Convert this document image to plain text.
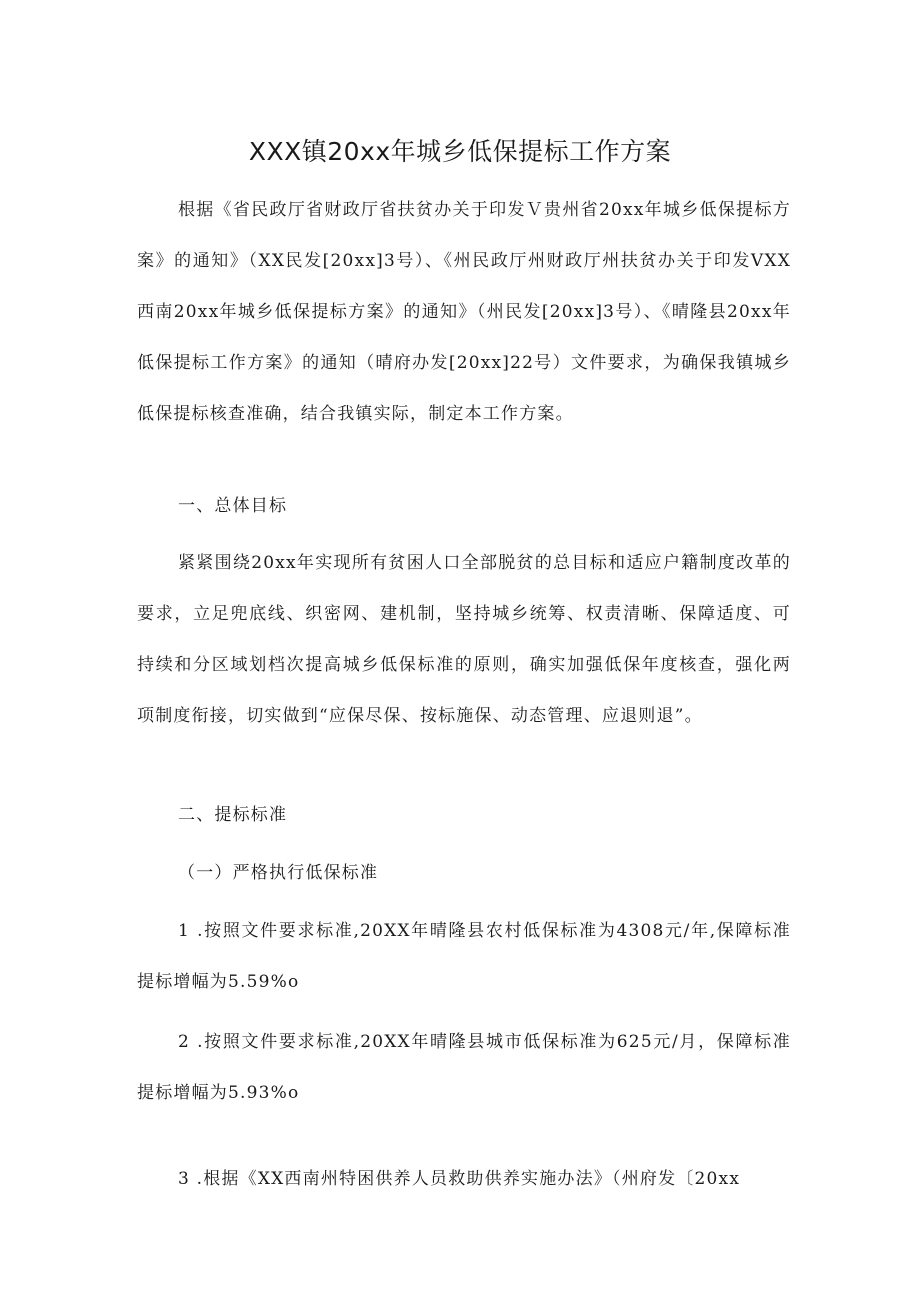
XXX镇20xx年城乡低保提标工作方案

根据《省民政厅省财政厅省扶贫办关于印发Ｖ贵州省20xx年城乡低保提标方案》的通知》（XX民发[20xx]3号）、《州民政厅州财政厅州扶贫办关于印发VXX西南20xx年城乡低保提标方案》的通知》（州民发[20xx]3号）、《晴隆县20xx年低保提标工作方案》的通知（晴府办发[20xx]22号）文件要求，为确保我镇城乡低保提标核查准确，结合我镇实际，制定本工作方案。

一、总体目标

紧紧围绕20xx年实现所有贫困人口全部脱贫的总目标和适应户籍制度改革的要求，立足兜底线、织密网、建机制，坚持城乡统筹、权责清晰、保障适度、可持续和分区域划档次提高城乡低保标准的原则，确实加强低保年度核查，强化两项制度衔接，切实做到“应保尽保、按标施保、动态管理、应退则退”。

二、提标标准

（一）严格执行低保标准

1 .按照文件要求标准,20XX年晴隆县农村低保标准为4308元/年,保障标准提标增幅为5.59%o

2 .按照文件要求标准,20XX年晴隆县城市低保标准为625元/月，保障标准提标增幅为5.93%o

3 .根据《XX西南州特困供养人员救助供养实施办法》（州府发〔20xx
